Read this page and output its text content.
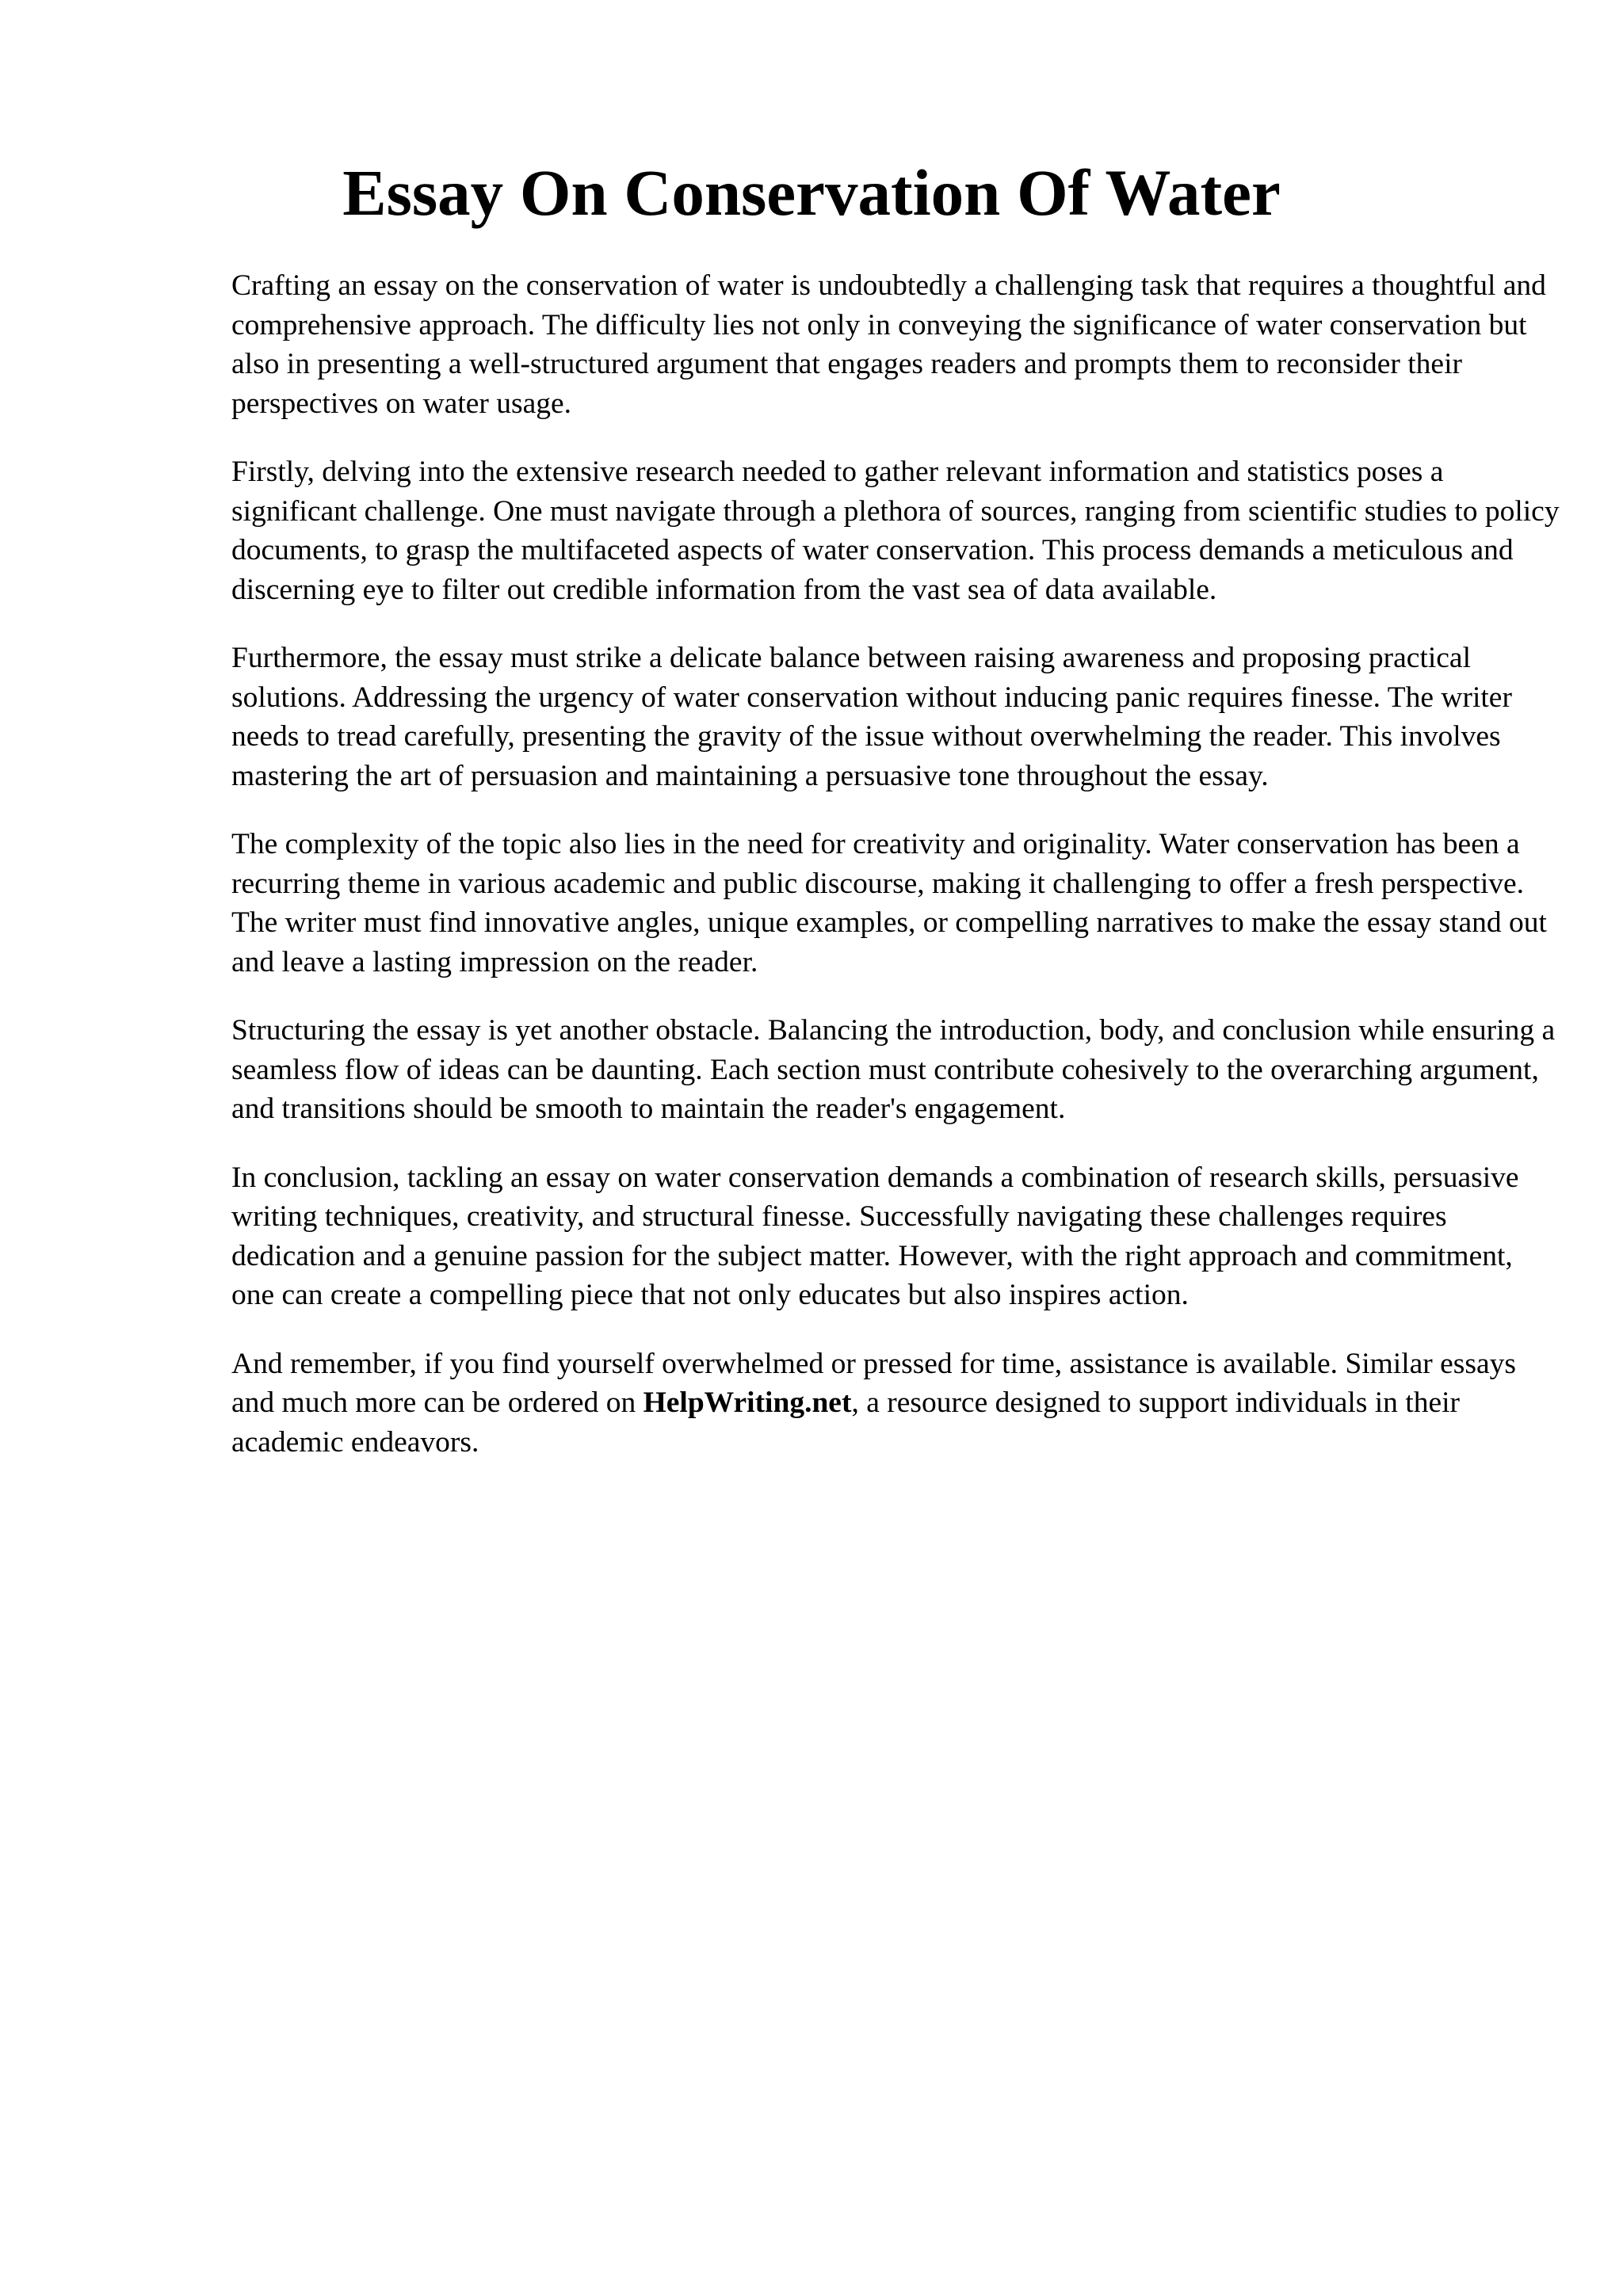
Essay On Conservation Of Water

Crafting an essay on the conservation of water is undoubtedly a challenging task that requires a thoughtful and comprehensive approach. The difficulty lies not only in conveying the significance of water conservation but also in presenting a well-structured argument that engages readers and prompts them to reconsider their perspectives on water usage.

Firstly, delving into the extensive research needed to gather relevant information and statistics poses a significant challenge. One must navigate through a plethora of sources, ranging from scientific studies to policy documents, to grasp the multifaceted aspects of water conservation. This process demands a meticulous and discerning eye to filter out credible information from the vast sea of data available.

Furthermore, the essay must strike a delicate balance between raising awareness and proposing practical solutions. Addressing the urgency of water conservation without inducing panic requires finesse. The writer needs to tread carefully, presenting the gravity of the issue without overwhelming the reader. This involves mastering the art of persuasion and maintaining a persuasive tone throughout the essay.

The complexity of the topic also lies in the need for creativity and originality. Water conservation has been a recurring theme in various academic and public discourse, making it challenging to offer a fresh perspective. The writer must find innovative angles, unique examples, or compelling narratives to make the essay stand out and leave a lasting impression on the reader.

Structuring the essay is yet another obstacle. Balancing the introduction, body, and conclusion while ensuring a seamless flow of ideas can be daunting. Each section must contribute cohesively to the overarching argument, and transitions should be smooth to maintain the reader's engagement.

In conclusion, tackling an essay on water conservation demands a combination of research skills, persuasive writing techniques, creativity, and structural finesse. Successfully navigating these challenges requires dedication and a genuine passion for the subject matter. However, with the right approach and commitment, one can create a compelling piece that not only educates but also inspires action.

And remember, if you find yourself overwhelmed or pressed for time, assistance is available. Similar essays and much more can be ordered on HelpWriting.net, a resource designed to support individuals in their academic endeavors.
